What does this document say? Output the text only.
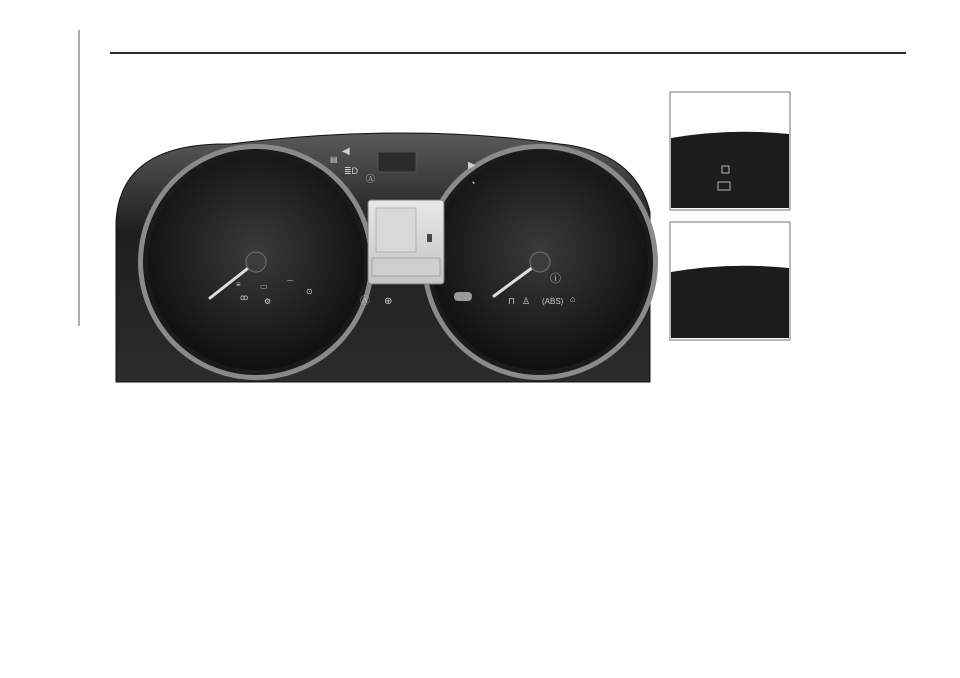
≣D
▤
◀
Ⓐ
▶
◔
≡
ꝏ
▭
⚙
⌒
⊙
Ⓐ ⊕	⊓ ♙ (ABS)
ⓘ
⌂
